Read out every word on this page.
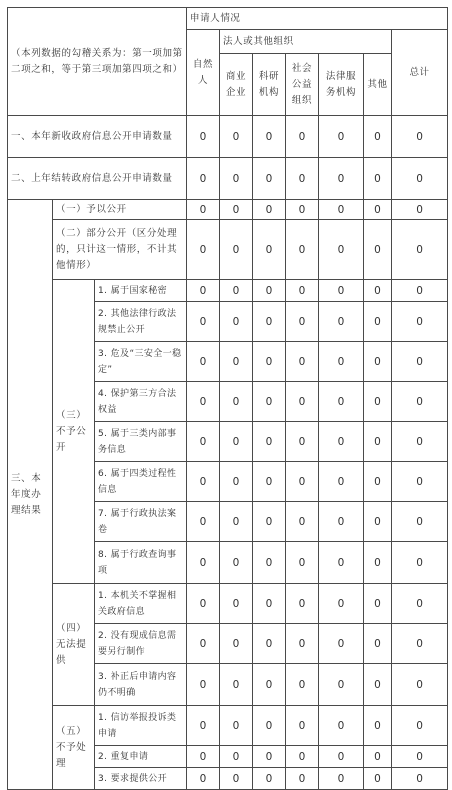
（本列数据的勾稽关系为：第一项加第二项之和，等于第三项加第四项之和）			申请人情况						
			自然人	法人或其他组织					总计
				商业企业	科研机构	社会公益组织	法律服务机构	其他	
一、本年新收政府信息公开申请数量			0	0	0	0	0	0	0
二、上年结转政府信息公开申请数量			0	0	0	0	0	0	0
三、本年度办理结果	（一）予以公开		0	0	0	0	0	0	0
	（二）部分公开（区分处理的，只计这一情形，不计其他情形）		0	0	0	0	0	0	0
	（三）不予公开	1. 属于国家秘密	0	0	0	0	0	0	0
		2. 其他法律行政法规禁止公开	0	0	0	0	0	0	0
		3. 危及“三安全一稳定”	0	0	0	0	0	0	0
		4. 保护第三方合法权益	0	0	0	0	0	0	0
		5. 属于三类内部事务信息	0	0	0	0	0	0	0
		6. 属于四类过程性信息	0	0	0	0	0	0	0
		7. 属于行政执法案卷	0	0	0	0	0	0	0
		8. 属于行政查询事项	0	0	0	0	0	0	0
	（四）无法提供	1. 本机关不掌握相关政府信息	0	0	0	0	0	0	0
		2. 没有现成信息需要另行制作	0	0	0	0	0	0	0
		3. 补正后申请内容仍不明确	0	0	0	0	0	0	0
	（五）不予处理	1. 信访举报投诉类申请	0	0	0	0	0	0	0
		2. 重复申请	0	0	0	0	0	0	0
		3. 要求提供公开	0	0	0	0	0	0	0
